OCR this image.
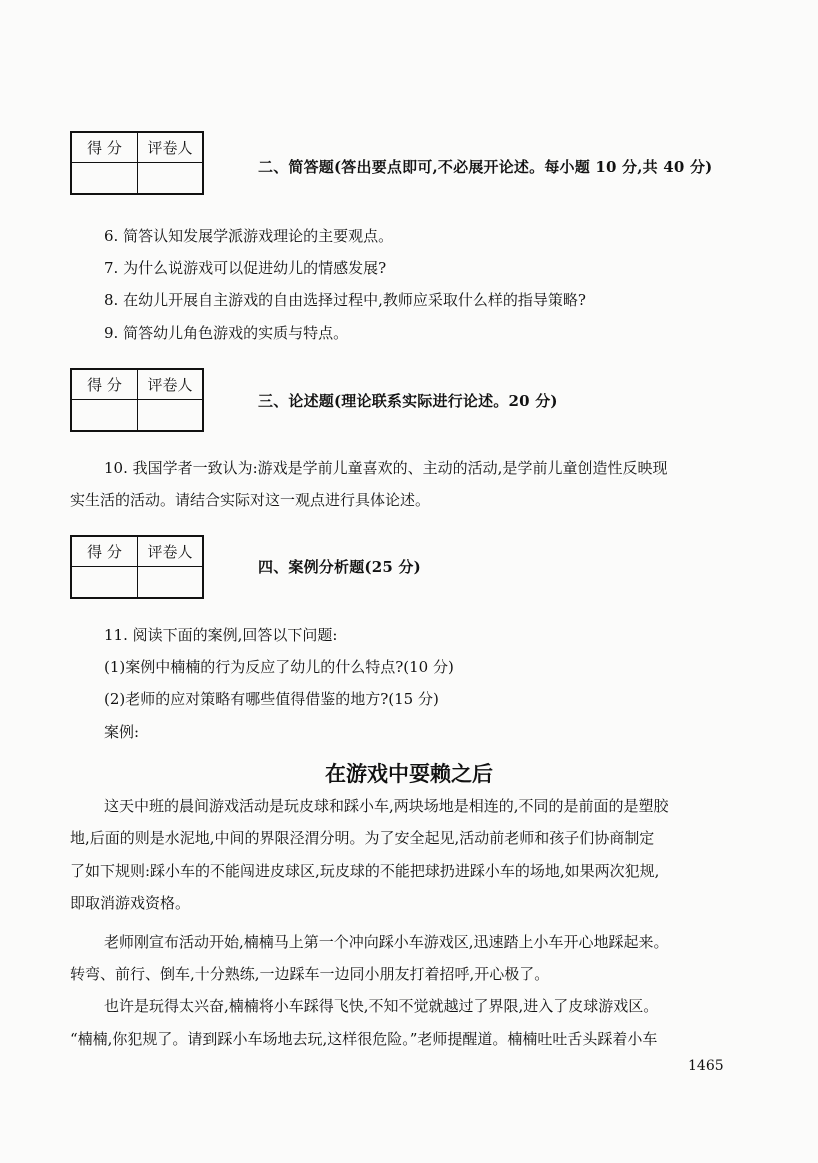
得 分	评卷人
二、简答题(答出要点即可,不必展开论述。每小题 10 分,共 40 分)
6. 简答认知发展学派游戏理论的主要观点。
7. 为什么说游戏可以促进幼儿的情感发展?
8. 在幼儿开展自主游戏的自由选择过程中,教师应采取什么样的指导策略?
9. 简答幼儿角色游戏的实质与特点。
得 分	评卷人
三、论述题(理论联系实际进行论述。20 分)
10. 我国学者一致认为:游戏是学前儿童喜欢的、主动的活动,是学前儿童创造性反映现
实生活的活动。请结合实际对这一观点进行具体论述。
得 分	评卷人
四、案例分析题(25 分)
11. 阅读下面的案例,回答以下问题:
(1)案例中楠楠的行为反应了幼儿的什么特点?(10 分)
(2)老师的应对策略有哪些值得借鉴的地方?(15 分)
案例:
在游戏中耍赖之后
这天中班的晨间游戏活动是玩皮球和踩小车,两块场地是相连的,不同的是前面的是塑胶
地,后面的则是水泥地,中间的界限泾渭分明。为了安全起见,活动前老师和孩子们协商制定
了如下规则:踩小车的不能闯进皮球区,玩皮球的不能把球扔进踩小车的场地,如果两次犯规,
即取消游戏资格。
老师刚宣布活动开始,楠楠马上第一个冲向踩小车游戏区,迅速踏上小车开心地踩起来。
转弯、前行、倒车,十分熟练,一边踩车一边同小朋友打着招呼,开心极了。
也许是玩得太兴奋,楠楠将小车踩得飞快,不知不觉就越过了界限,进入了皮球游戏区。
“楠楠,你犯规了。请到踩小车场地去玩,这样很危险。”老师提醒道。楠楠吐吐舌头踩着小车
1465
